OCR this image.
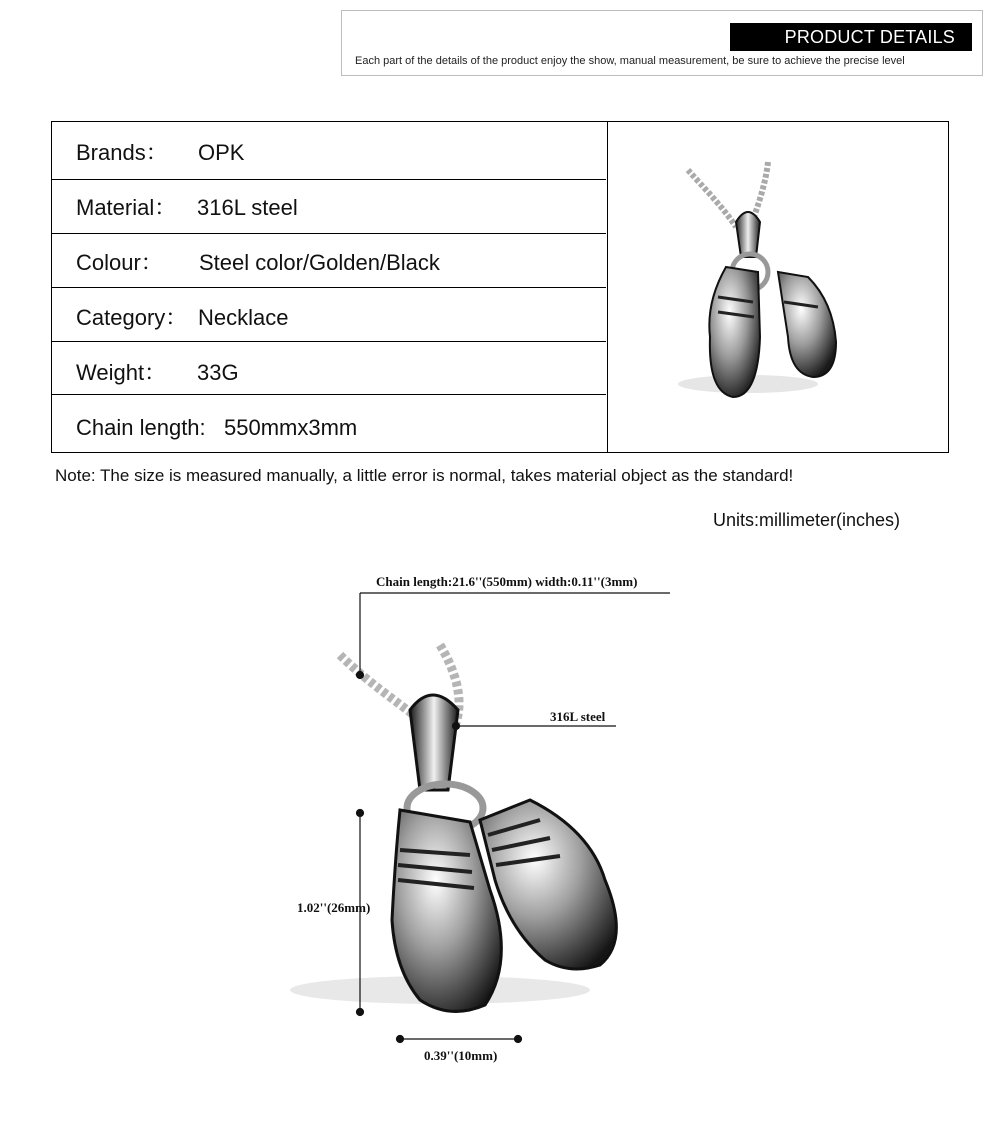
PRODUCT DETAILS
Each part of the details of the product enjoy the show, manual measurement, be sure to achieve the precise level
Brands： OPK
Material： 316L steel
Colour： Steel color/Golden/Black
Category： Necklace
Weight： 33G
Chain length: 550mmx3mm
Note: The size is measured manually, a little error is normal, takes material object as the standard!
Units:millimeter(inches)
Chain length:21.6''(550mm) width:0.11''(3mm)
316L steel
1.02''(26mm)
0.39''(10mm)
